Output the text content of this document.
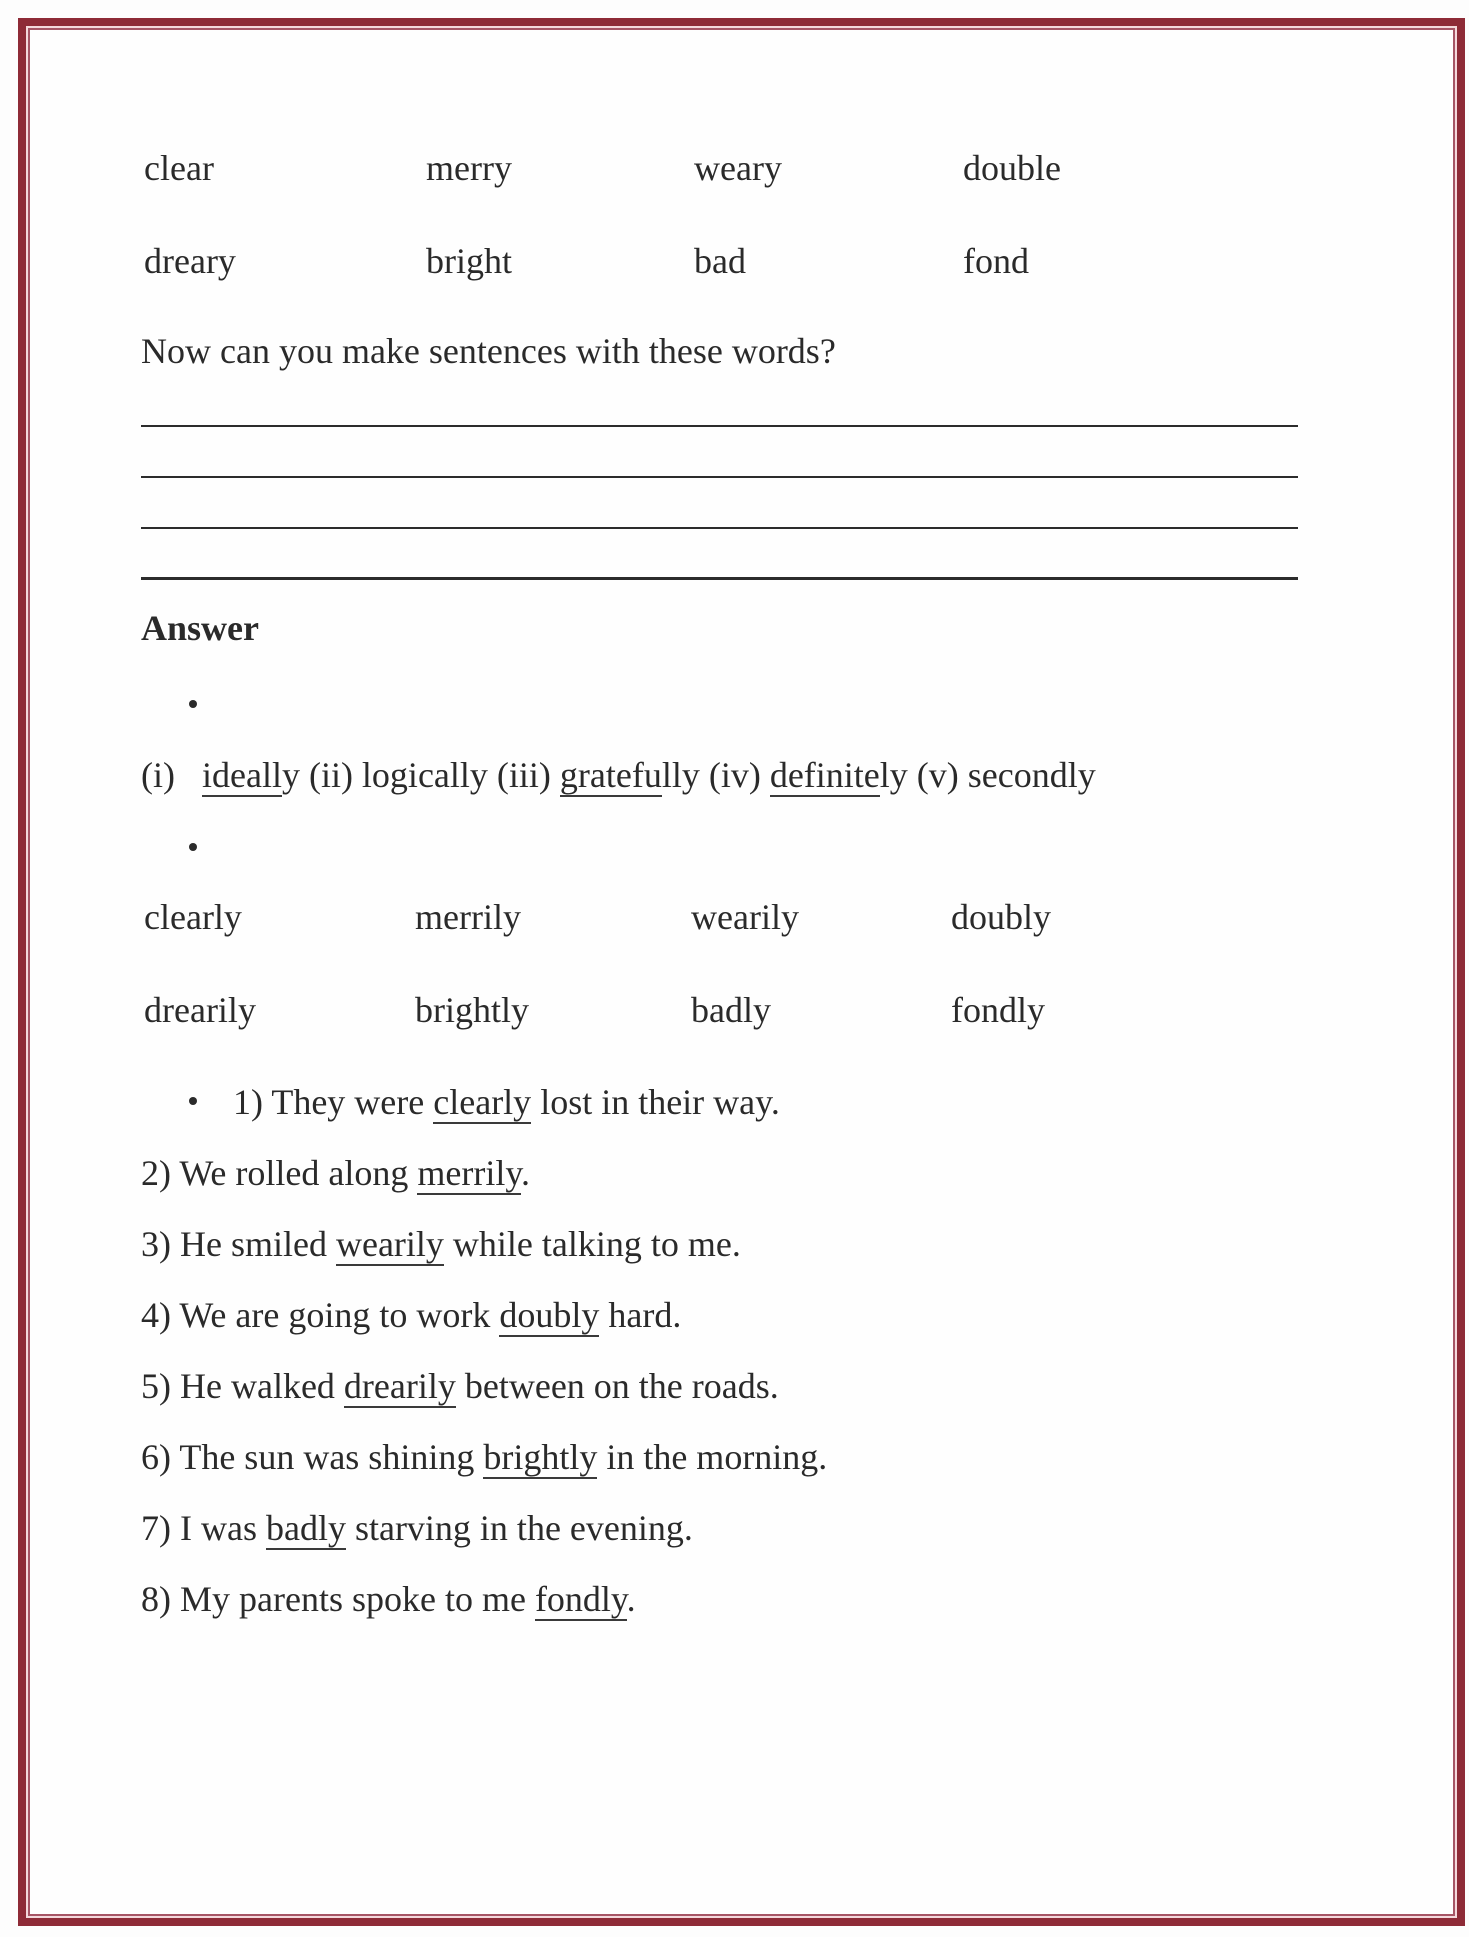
clear	merry	weary	double
dreary	bright	bad	fond
Now can you make sentences with these words?
Answer
(i) ideally (ii) logically (iii) gratefully (iv) definitely (v) secondly
clearly	merrily	wearily	doubly
drearily	brightly	badly	fondly
1) They were clearly lost in their way.
2) We rolled along merrily.
3) He smiled wearily while talking to me.
4) We are going to work doubly hard.
5) He walked drearily between on the roads.
6) The sun was shining brightly in the morning.
7) I was badly starving in the evening.
8) My parents spoke to me fondly.
